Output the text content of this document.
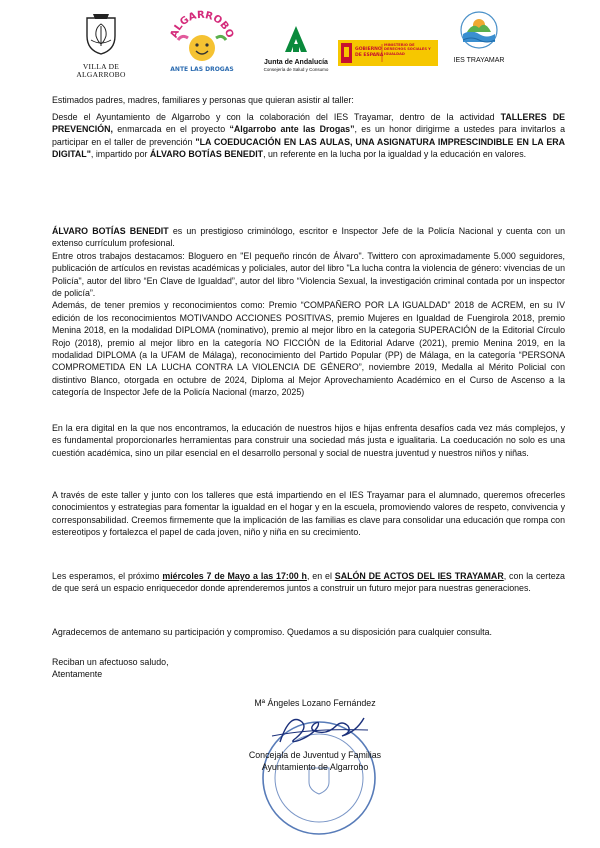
VILLA DE
ALGARROBO
ALGARROBO
ANTE LAS DROGAS
Junta de Andalucía
Consejería de Salud y Consumo
GOBIERNO
DE ESPAÑA
MINISTERIO DE DERECHOS SOCIALES Y IGUALDAD
IES TRAYAMAR

Estimados padres, madres, familiares y personas que quieran asistir al taller:

Desde el Ayuntamiento de Algarrobo y con la colaboración del IES Trayamar, dentro de la actividad TALLERES DE PREVENCIÓN, enmarcada en el proyecto “Algarrobo ante las Drogas”, es un honor dirigirme a ustedes para invitarlos a participar en el taller de prevención "LA COEDUCACIÓN EN LAS AULAS, UNA ASIGNATURA IMPRESCINDIBLE EN LA ERA DIGITAL", impartido por ÁLVARO BOTÍAS BENEDIT, un referente en la lucha por la igualdad y la educación en valores.

ÁLVARO BOTÍAS BENEDIT es un prestigioso criminólogo, escritor e Inspector Jefe de la Policía Nacional y cuenta con un extenso currículum profesional.

Entre otros trabajos destacamos: Bloguero en "El pequeño rincón de Álvaro". Twittero con aproximadamente 5.000 seguidores, publicación de artículos en revistas académicas y policiales, autor del libro "La lucha contra la violencia de género: vivencias de un Policía", autor del libro “En Clave de Igualdad”, autor del libro “Violencia Sexual, la investigación criminal contada por un inspector de policía”.

Además, de tener premios y reconocimientos como: Premio “COMPAÑERO POR LA IGUALDAD” 2018 de ACREM, en su IV edición de los reconocimientos MOTIVANDO ACCIONES POSITIVAS, premio Mujeres en Igualdad de Fuengirola 2018, premio Menina 2018, en la modalidad DIPLOMA (nominativo), premio al mejor libro en la categoria SUPERACIÓN de la Editorial Círculo Rojo (2018), premio al mejor libro en la categoría NO FICCIÓN de la Editorial Adarve (2021), premio Menina 2019, en la modalidad DIPLOMA (a la UFAM de Málaga), reconocimiento del Partido Popular (PP) de Málaga, en la categoría “PERSONA COMPROMETIDA EN LA LUCHA CONTRA LA VIOLENCIA DE GÉNERO”, noviembre 2019, Medalla al Mérito Policial con distintivo Blanco, otorgada en octubre de 2024, Diploma al Mejor Aprovechamiento Académico en el Curso de Ascenso a la categoría de Inspector Jefe de la Policía Nacional (marzo, 2025)

En la era digital en la que nos encontramos, la educación de nuestros hijos e hijas enfrenta desafíos cada vez más complejos, y es fundamental proporcionarles herramientas para construir una sociedad más justa e igualitaria. La coeducación no solo es una cuestión académica, sino un pilar esencial en el desarrollo personal y social de nuestra juventud y nuestros niños y niñas.

A través de este taller y junto con los talleres que está impartiendo en el IES Trayamar para el alumnado, queremos ofrecerles conocimientos y estrategias para fomentar la igualdad en el hogar y en la escuela, promoviendo valores de respeto, convivencia y corresponsabilidad. Creemos firmemente que la implicación de las familias es clave para consolidar una educación que rompa con estereotipos y fortalezca el papel de cada joven, niño y niña en su crecimiento.

Les esperamos, el próximo miércoles 7 de Mayo a las 17:00 h, en el SALÓN DE ACTOS DEL IES TRAYAMAR, con la certeza de que será un espacio enriquecedor donde aprenderemos juntos a construir un futuro mejor para nuestras generaciones.

Agradecemos de antemano su participación y compromiso. Quedamos a su disposición para cualquier consulta.

Reciban un afectuoso saludo,

Atentamente

Mª Ángeles Lozano Fernández
Concejala de Juventud y Familias
Ayuntamiento de Algarrobo
